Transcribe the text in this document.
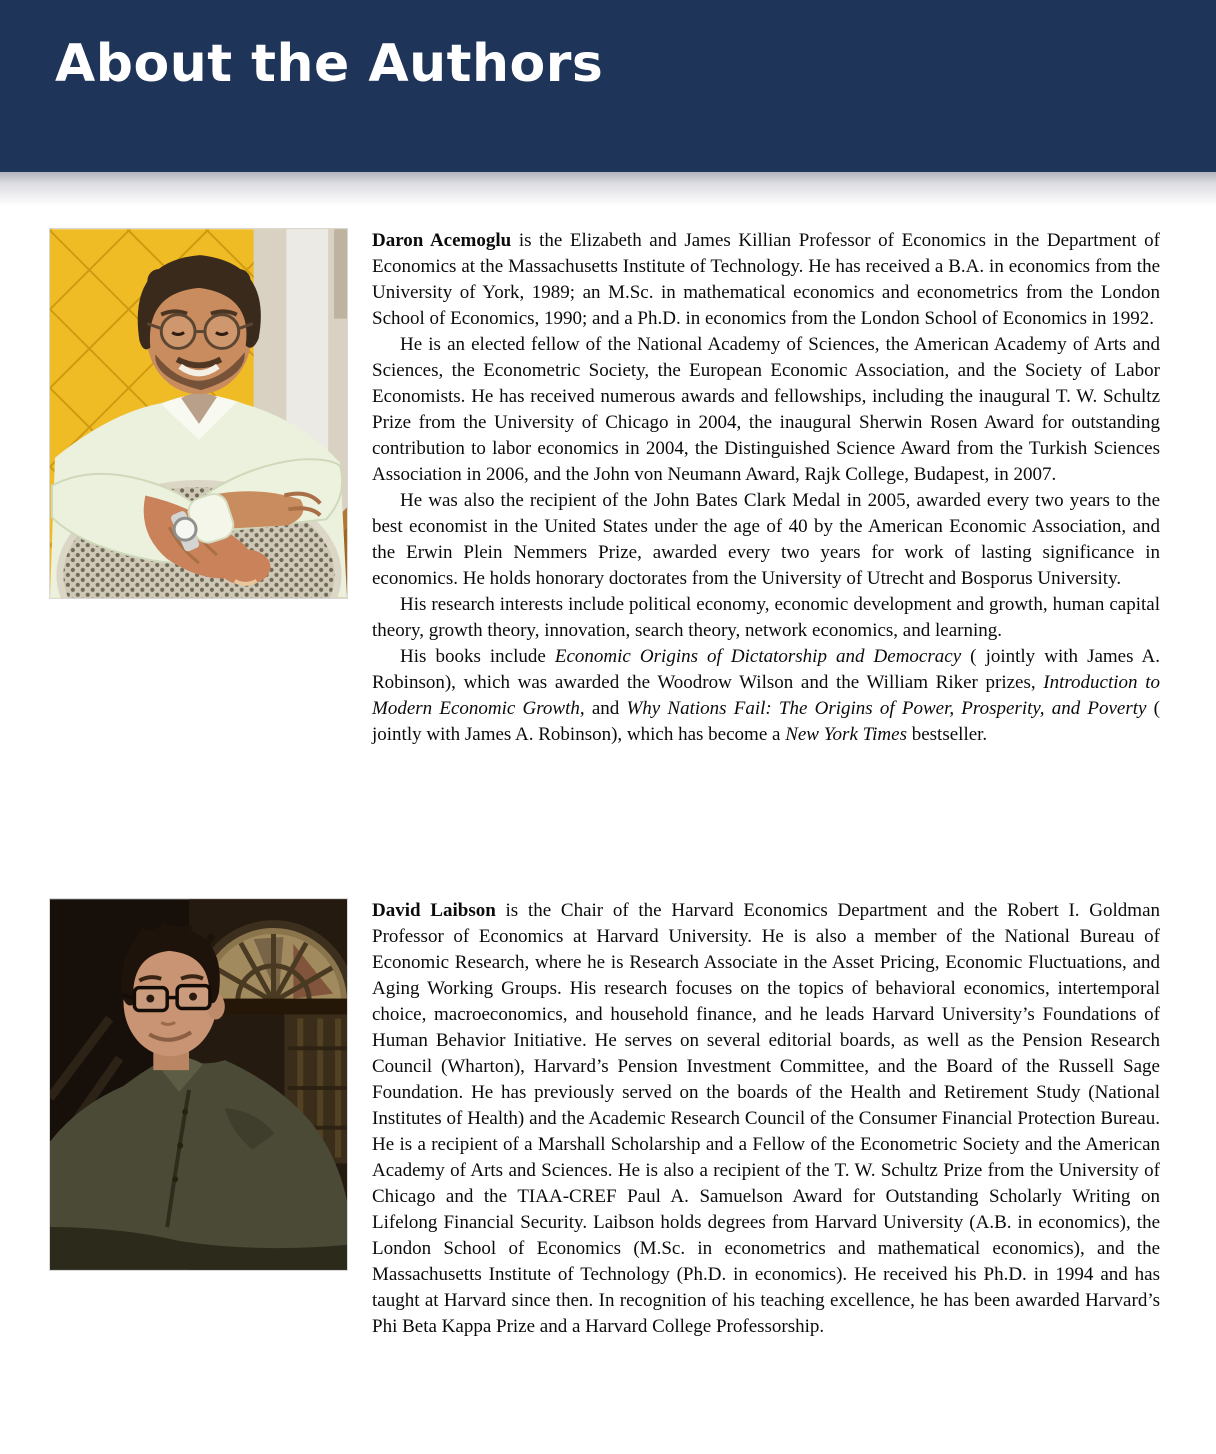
About the Authors

Daron Acemoglu is the Elizabeth and James Killian Professor of Economics in the Department of Economics at the Massachusetts Institute of Technology. He has received a B.A. in economics from the University of York, 1989; an M.Sc. in mathematical economics and econometrics from the London School of Economics, 1990; and a Ph.D. in economics from the London School of Economics in 1992.

He is an elected fellow of the National Academy of Sciences, the American Academy of Arts and Sciences, the Econometric Society, the European Economic Association, and the Society of Labor Economists. He has received numerous awards and fellowships, including the inaugural T. W. Schultz Prize from the University of Chicago in 2004, the inaugural Sherwin Rosen Award for outstanding contribution to labor economics in 2004, the Distinguished Science Award from the Turkish Sciences Association in 2006, and the John von Neumann Award, Rajk College, Budapest, in 2007.

He was also the recipient of the John Bates Clark Medal in 2005, awarded every two years to the best economist in the United States under the age of 40 by the American Economic Association, and the Erwin Plein Nemmers Prize, awarded every two years for work of lasting significance in economics. He holds honorary doctorates from the University of Utrecht and Bosporus University.

His research interests include political economy, economic development and growth, human capital theory, growth theory, innovation, search theory, network economics, and learning.

His books include Economic Origins of Dictatorship and Democracy ( jointly with James A. Robinson), which was awarded the Woodrow Wilson and the William Riker prizes, Introduction to Modern Economic Growth, and Why Nations Fail: The Origins of Power, Prosperity, and Poverty ( jointly with James A. Robinson), which has become a New York Times bestseller.

David Laibson is the Chair of the Harvard Economics Department and the Robert I. Goldman Professor of Economics at Harvard University. He is also a member of the National Bureau of Economic Research, where he is Research Associate in the Asset Pricing, Economic Fluctuations, and Aging Working Groups. His research focuses on the topics of behavioral economics, intertemporal choice, macroeconomics, and household finance, and he leads Harvard University’s Foundations of Human Behavior Initiative. He serves on several editorial boards, as well as the Pension Research Council (Wharton), Harvard’s Pension Investment Committee, and the Board of the Russell Sage Foundation. He has previously served on the boards of the Health and Retirement Study (National Institutes of Health) and the Academic Research Council of the Consumer Financial Protection Bureau. He is a recipient of a Marshall Scholarship and a Fellow of the Econometric Society and the American Academy of Arts and Sciences. He is also a recipient of the T. W. Schultz Prize from the University of Chicago and the TIAA-CREF Paul A. Samuelson Award for Outstanding Scholarly Writing on Lifelong Financial Security. Laibson holds degrees from Harvard University (A.B. in economics), the London School of Economics (M.Sc. in econometrics and mathematical economics), and the Massachusetts Institute of Technology (Ph.D. in economics). He received his Ph.D. in 1994 and has taught at Harvard since then. In recognition of his teaching excellence, he has been awarded Harvard’s Phi Beta Kappa Prize and a Harvard College Professorship.
